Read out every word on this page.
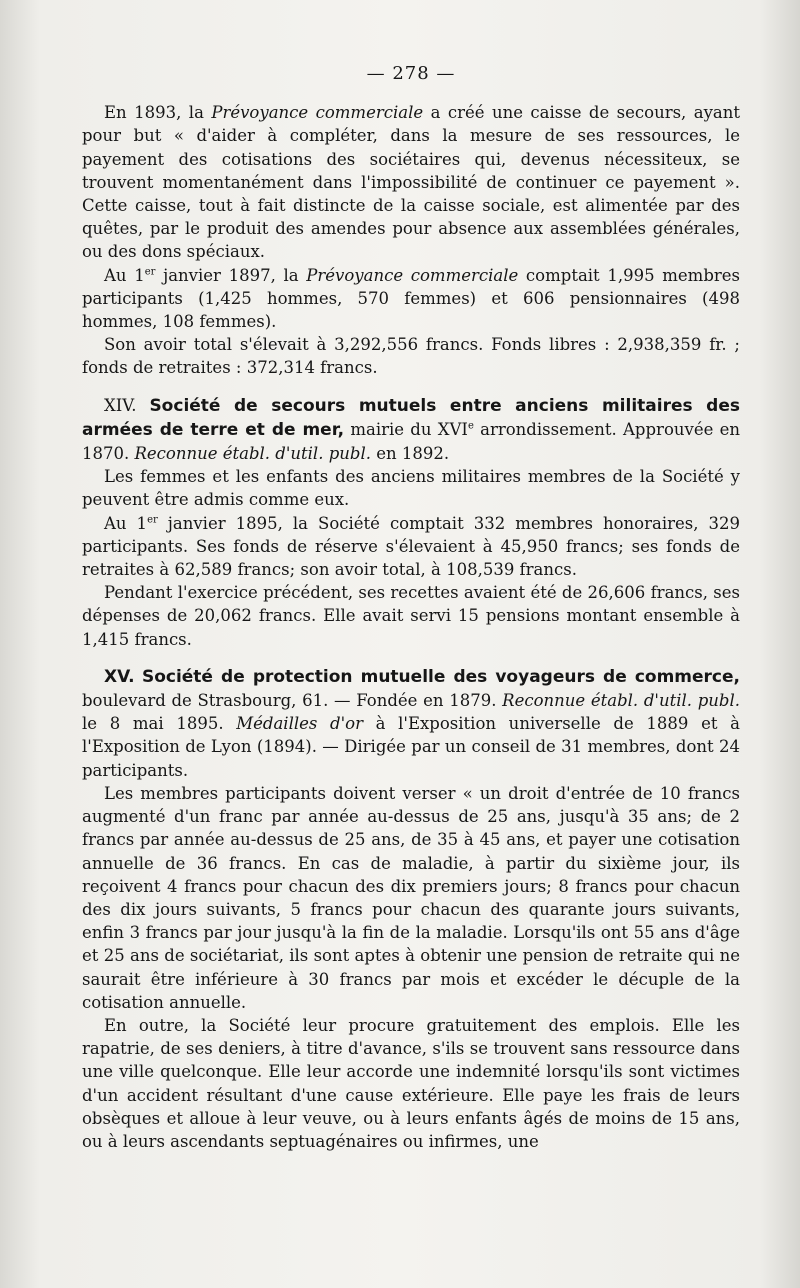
— 278 —

En 1893, la Prévoyance commerciale a créé une caisse de secours, ayant pour but « d'aider à compléter, dans la mesure de ses ressources, le payement des cotisations des sociétaires qui, devenus nécessiteux, se trouvent momentanément dans l'impossibilité de continuer ce payement ». Cette caisse, tout à fait distincte de la caisse sociale, est alimentée par des quêtes, par le produit des amendes pour absence aux assemblées générales, ou des dons spéciaux.

Au 1er janvier 1897, la Prévoyance commerciale comptait 1,995 membres participants (1,425 hommes, 570 femmes) et 606 pensionnaires (498 hommes, 108 femmes).

Son avoir total s'élevait à 3,292,556 francs. Fonds libres : 2,938,359 fr. ; fonds de retraites : 372,314 francs.

XIV. Société de secours mutuels entre anciens militaires des armées de terre et de mer, mairie du XVIe arrondissement. Approuvée en 1870. Reconnue établ. d'util. publ. en 1892.

Les femmes et les enfants des anciens militaires membres de la Société y peuvent être admis comme eux.

Au 1er janvier 1895, la Société comptait 332 membres honoraires, 329 participants. Ses fonds de réserve s'élevaient à 45,950 francs; ses fonds de retraites à 62,589 francs; son avoir total, à 108,539 francs.

Pendant l'exercice précédent, ses recettes avaient été de 26,606 francs, ses dépenses de 20,062 francs. Elle avait servi 15 pensions montant ensemble à 1,415 francs.

XV. Société de protection mutuelle des voyageurs de commerce, boulevard de Strasbourg, 61. — Fondée en 1879. Reconnue établ. d'util. publ. le 8 mai 1895. Médailles d'or à l'Exposition universelle de 1889 et à l'Exposition de Lyon (1894). — Dirigée par un conseil de 31 membres, dont 24 participants.

Les membres participants doivent verser « un droit d'entrée de 10 francs augmenté d'un franc par année au-dessus de 25 ans, jusqu'à 35 ans; de 2 francs par année au-dessus de 25 ans, de 35 à 45 ans, et payer une cotisation annuelle de 36 francs. En cas de maladie, à partir du sixième jour, ils reçoivent 4 francs pour chacun des dix premiers jours; 8 francs pour chacun des dix jours suivants, 5 francs pour chacun des quarante jours suivants, enfin 3 francs par jour jusqu'à la fin de la maladie. Lorsqu'ils ont 55 ans d'âge et 25 ans de sociétariat, ils sont aptes à obtenir une pension de retraite qui ne saurait être inférieure à 30 francs par mois et excéder le décuple de la cotisation annuelle.

En outre, la Société leur procure gratuitement des emplois. Elle les rapatrie, de ses deniers, à titre d'avance, s'ils se trouvent sans ressource dans une ville quelconque. Elle leur accorde une indemnité lorsqu'ils sont victimes d'un accident résultant d'une cause extérieure. Elle paye les frais de leurs obsèques et alloue à leur veuve, ou à leurs enfants âgés de moins de 15 ans, ou à leurs ascendants septuagénaires ou infirmes, une
